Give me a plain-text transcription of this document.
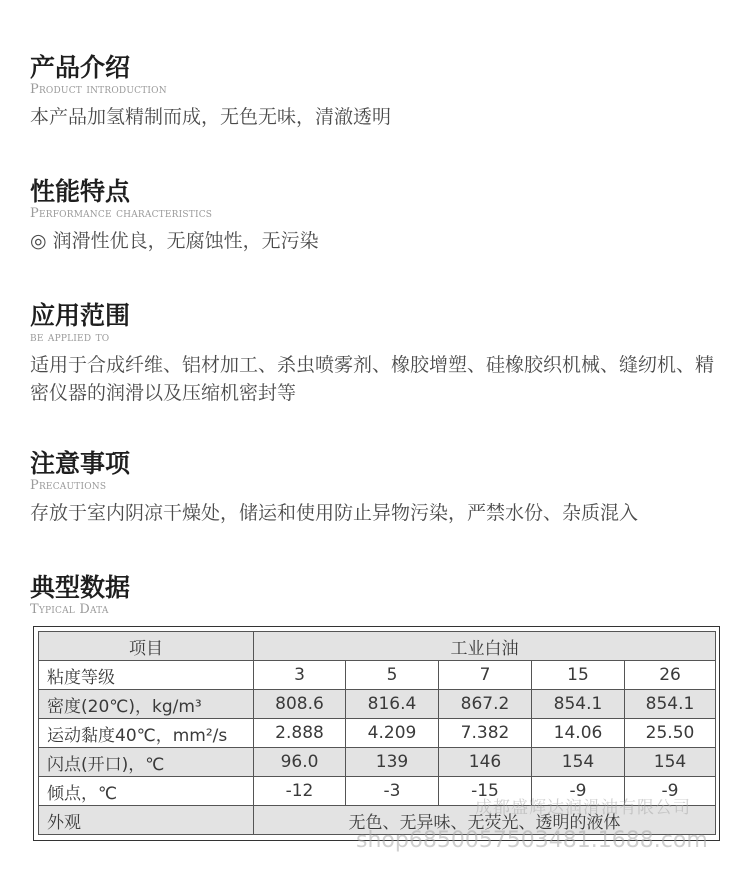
产品介绍
Product introduction
本产品加氢精制而成，无色无味，清澈透明
性能特点
Performance characteristics
◎ 润滑性优良，无腐蚀性，无污染
应用范围
be applied to
适用于合成纤维、铝材加工、杀虫喷雾剂、橡胶增塑、硅橡胶织机械、缝纫机、精密仪器的润滑以及压缩机密封等
注意事项
Precautions
存放于室内阴凉干燥处，储运和使用防止异物污染，严禁水份、杂质混入
典型数据
Typical Data
项目	工业白油				
粘度等级	3	5	7	15	26
密度(20℃)，kg/m³	808.6	816.4	867.2	854.1	854.1
运动黏度40℃，mm²/s	2.888	4.209	7.382	14.06	25.50
闪点(开口)，℃	96.0	139	146	154	154
倾点，℃	-12	-3	-15	-9	-9
外观	无色、无异味、无荧光、透明的液体				
成都盛辉达润滑油有限公司
shop6850057503481.1688.com
